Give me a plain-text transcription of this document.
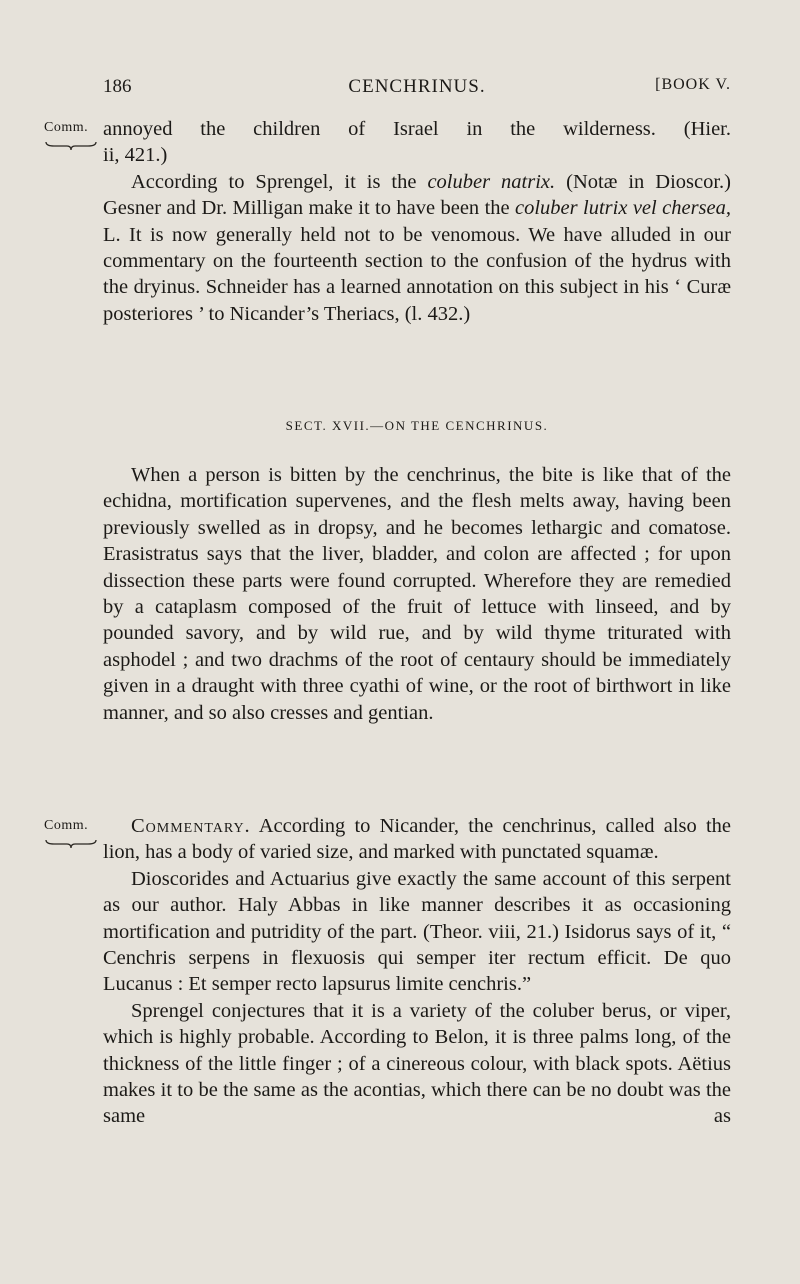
186	CENCHRINUS.	[BOOK V.
Comm. annoyed the children of Israel in the wilderness. (Hier.

ii, 421.)

According to Sprengel, it is the coluber natrix. (Notæ in Dioscor.) Gesner and Dr. Milligan make it to have been the coluber lutrix vel chersea, L. It is now generally held not to be venomous. We have alluded in our commentary on the fourteenth section to the confusion of the hydrus with the dryinus. Schneider has a learned annotation on this subject in his ‘ Curæ posteriores ’ to Nicander’s Theriacs, (l. 432.)

SECT. XVII.—ON THE CENCHRINUS.

When a person is bitten by the cenchrinus, the bite is like that of the echidna, mortification supervenes, and the flesh melts away, having been previously swelled as in dropsy, and he becomes lethargic and comatose. Erasistratus says that the liver, bladder, and colon are affected ; for upon dissection these parts were found corrupted. Wherefore they are remedied by a cataplasm composed of the fruit of lettuce with linseed, and by pounded savory, and by wild rue, and by wild thyme triturated with asphodel ; and two drachms of the root of centaury should be immediately given in a draught with three cyathi of wine, or the root of birthwort in like manner, and so also cresses and gentian.

Comm.	Commentary. According to Nicander, the cenchrinus, called also the lion, has a body of varied size, and marked with punctated squamæ.

Dioscorides and Actuarius give exactly the same account of this serpent as our author. Haly Abbas in like manner describes it as occasioning mortification and putridity of the part. (Theor. viii, 21.) Isidorus says of it, “ Cenchris serpens in flexuosis qui semper iter rectum efficit. De quo Lucanus : Et semper recto lapsurus limite cenchris.”

Sprengel conjectures that it is a variety of the coluber berus, or viper, which is highly probable. According to Belon, it is three palms long, of the thickness of the little finger ; of a cinereous colour, with black spots. Aëtius makes it to be the same as the acontias, which there can be no doubt was the same as
